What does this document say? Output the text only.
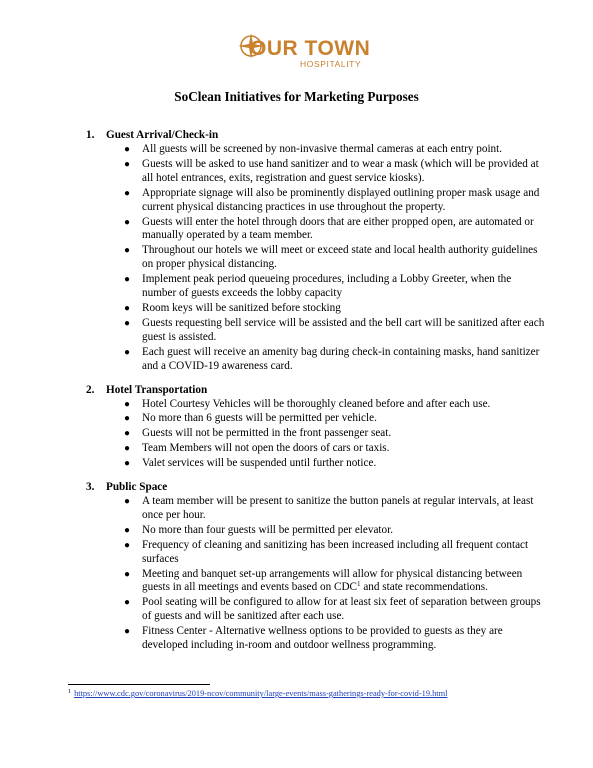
OUR TOWN
HOSPITALITY
SoClean Initiatives for Marketing Purposes
1. Guest Arrival/Check-in
● All guests will be screened by non-invasive thermal cameras at each entry point.
● Guests will be asked to use hand sanitizer and to wear a mask (which will be provided at all hotel entrances, exits, registration and guest service kiosks).
● Appropriate signage will also be prominently displayed outlining proper mask usage and current physical distancing practices in use throughout the property.
● Guests will enter the hotel through doors that are either propped open, are automated or manually operated by a team member.
● Throughout our hotels we will meet or exceed state and local health authority guidelines on proper physical distancing.
● Implement peak period queueing procedures, including a Lobby Greeter, when the number of guests exceeds the lobby capacity
● Room keys will be sanitized before stocking
● Guests requesting bell service will be assisted and the bell cart will be sanitized after each guest is assisted.
● Each guest will receive an amenity bag during check-in containing masks, hand sanitizer and a COVID-19 awareness card.
2. Hotel Transportation
● Hotel Courtesy Vehicles will be thoroughly cleaned before and after each use.
● No more than 6 guests will be permitted per vehicle.
● Guests will not be permitted in the front passenger seat.
● Team Members will not open the doors of cars or taxis.
● Valet services will be suspended until further notice.
3. Public Space
● A team member will be present to sanitize the button panels at regular intervals, at least once per hour.
● No more than four guests will be permitted per elevator.
● Frequency of cleaning and sanitizing has been increased including all frequent contact surfaces
● Meeting and banquet set-up arrangements will allow for physical distancing between guests in all meetings and events based on CDC$^1$ and state recommendations.
● Pool seating will be configured to allow for at least six feet of separation between groups of guests and will be sanitized after each use.
● Fitness Center - Alternative wellness options to be provided to guests as they are developed including in-room and outdoor wellness programming.
$^1$ https://www.cdc.gov/coronavirus/2019-ncov/community/large-events/mass-gatherings-ready-for-covid-19.html
